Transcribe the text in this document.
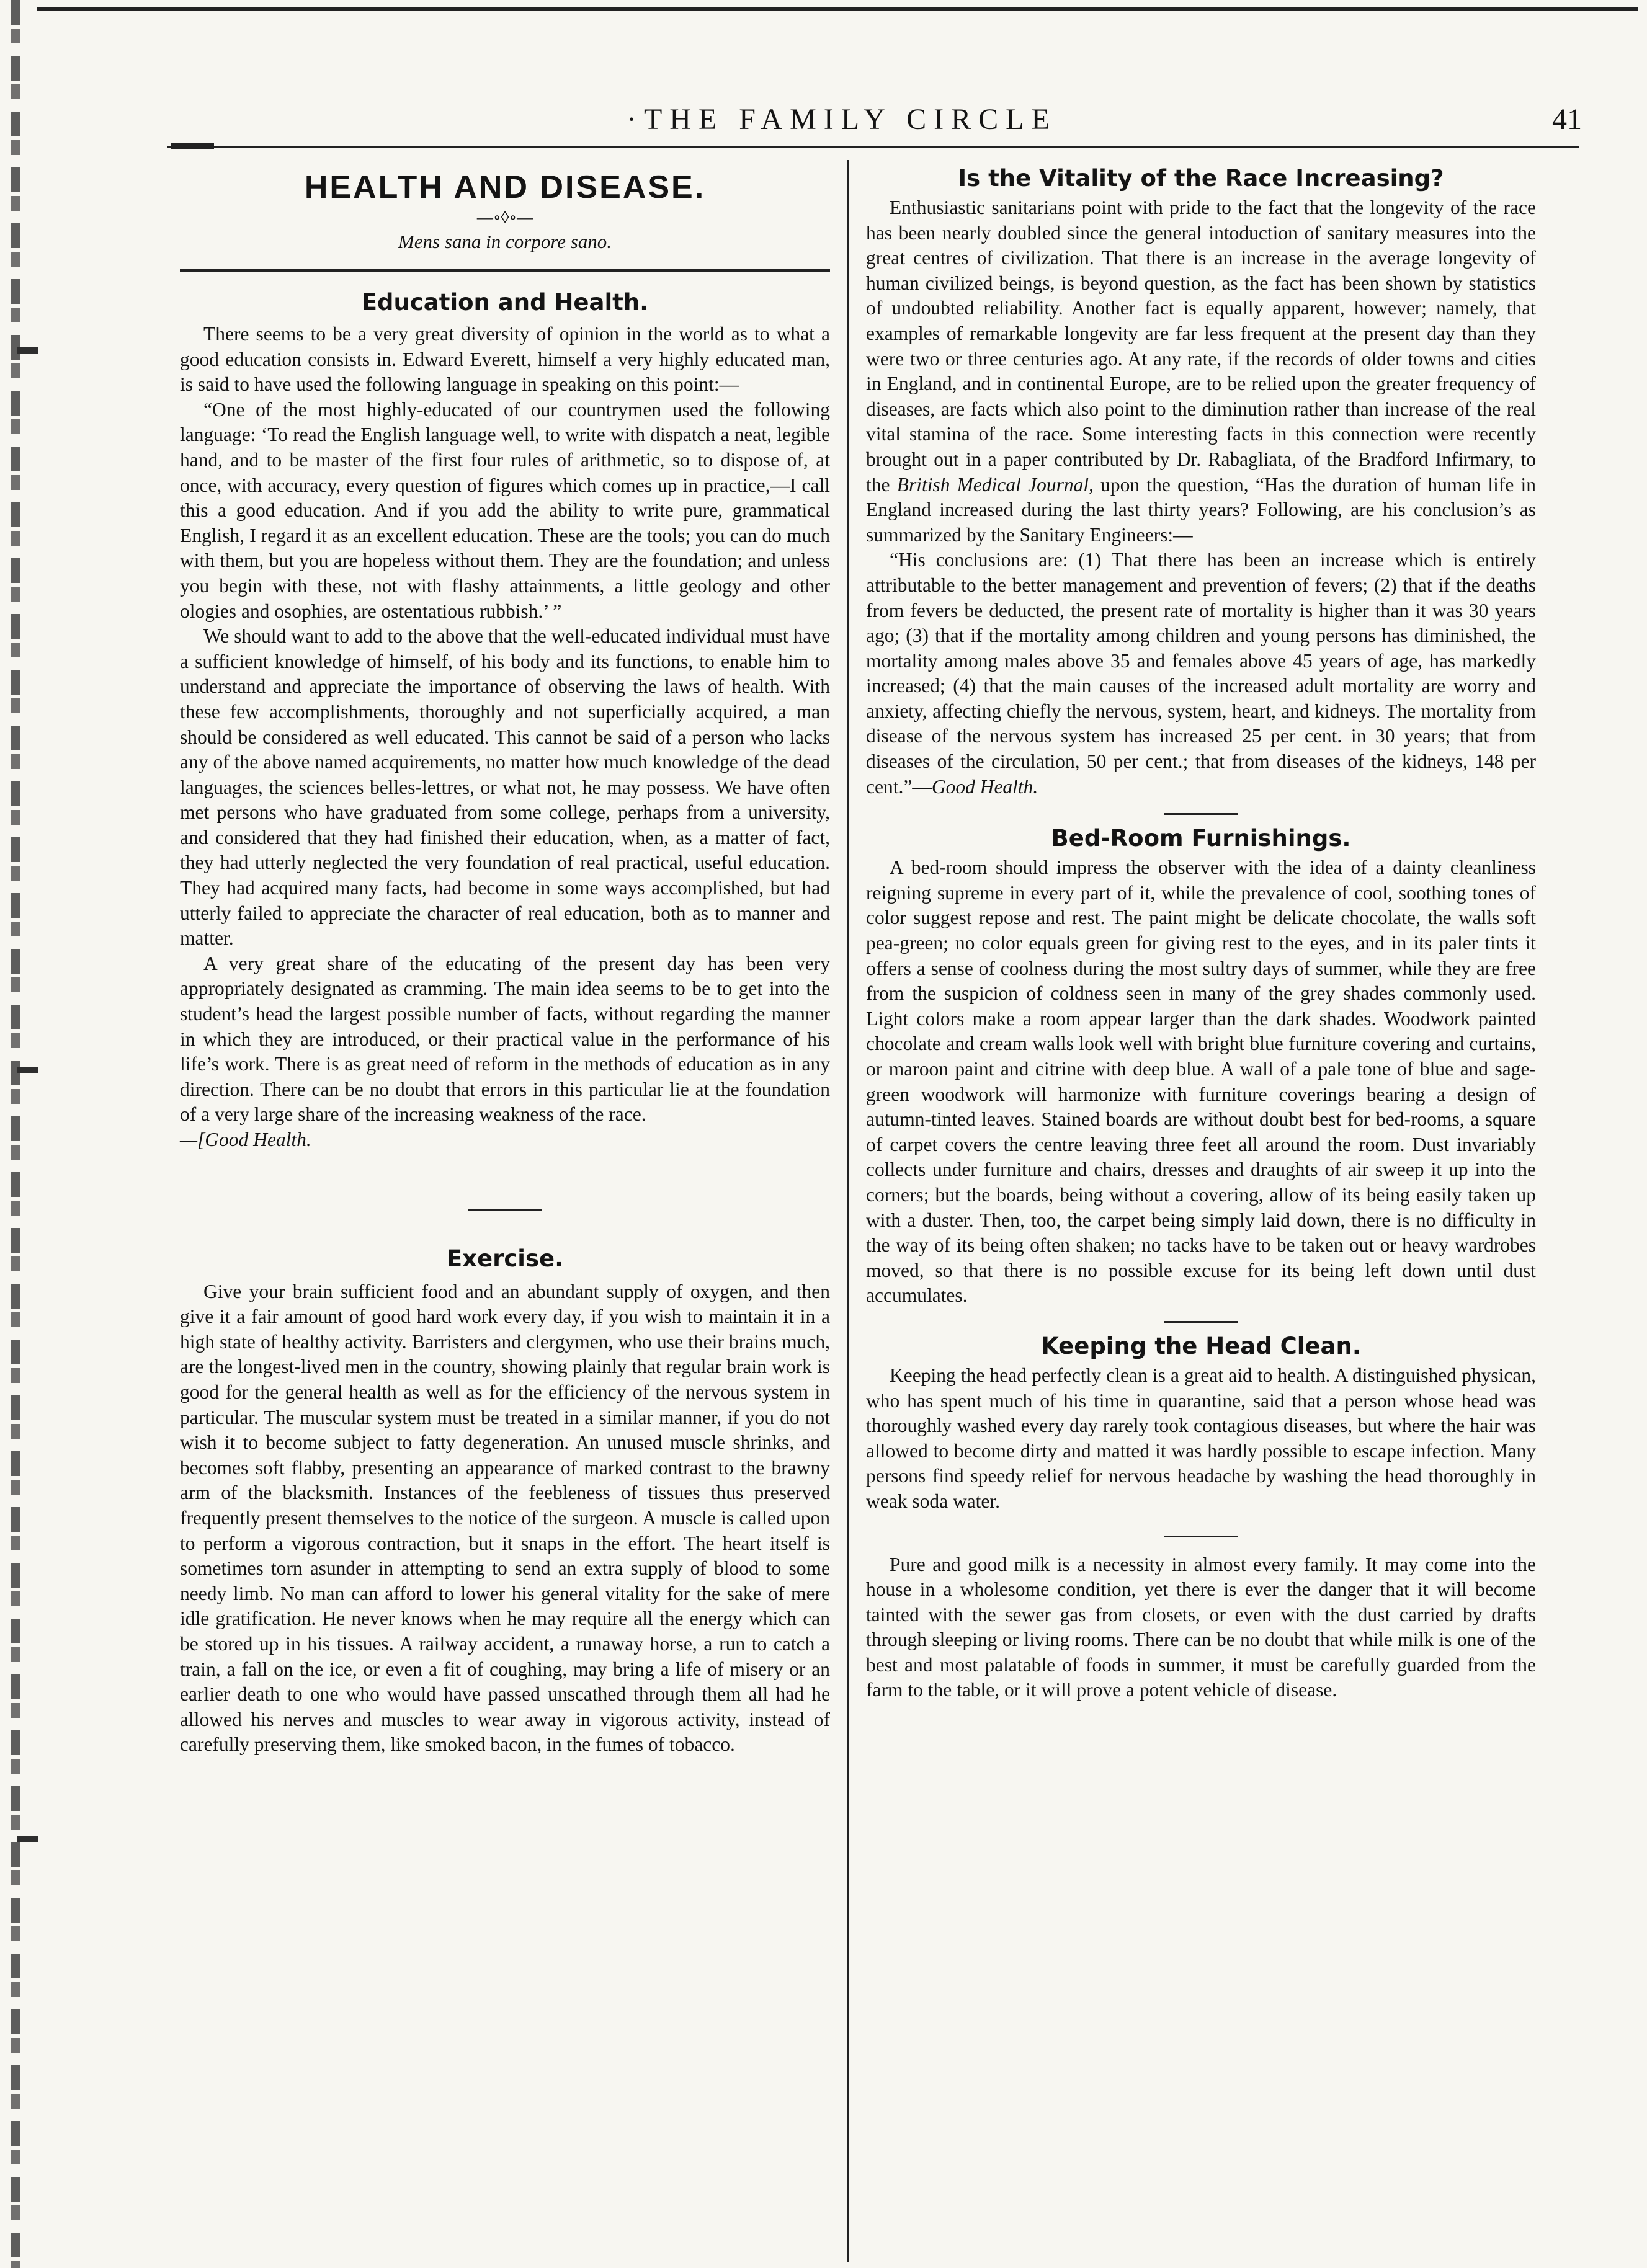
·THE FAMILY CIRCLE	41
HEALTH AND DISEASE.
—∘◊∘—
Mens sana in corpore sano.
Education and Health.

There seems to be a very great diversity of opinion in the world as to what a good education consists in. Edward Everett, himself a very highly educated man, is said to have used the following language in speaking on this point:—

“One of the most highly-educated of our countrymen used the following language: ‘To read the English language well, to write with dispatch a neat, legible hand, and to be master of the first four rules of arithmetic, so to dispose of, at once, with accuracy, every question of figures which comes up in practice,—I call this a good education. And if you add the ability to write pure, grammatical English, I regard it as an excellent education. These are the tools; you can do much with them, but you are hopeless without them. They are the foundation; and unless you begin with these, not with flashy attainments, a little geology and other ologies and osophies, are ostentatious rubbish.’ ”

We should want to add to the above that the well-educated individual must have a sufficient knowledge of himself, of his body and its functions, to enable him to understand and appreciate the importance of observing the laws of health. With these few accomplishments, thoroughly and not superficially acquired, a man should be considered as well educated. This cannot be said of a person who lacks any of the above named acquirements, no matter how much knowledge of the dead languages, the sciences belles-lettres, or what not, he may possess. We have often met persons who have graduated from some college, perhaps from a university, and considered that they had finished their education, when, as a matter of fact, they had utterly neglected the very foundation of real practical, useful education. They had acquired many facts, had become in some ways accomplished, but had utterly failed to appreciate the character of real education, both as to manner and matter.

A very great share of the educating of the present day has been very appropriately designated as cramming. The main idea seems to be to get into the student’s head the largest possible number of facts, without regarding the manner in which they are introduced, or their practical value in the performance of his life’s work. There is as great need of reform in the methods of education as in any direction. There can be no doubt that errors in this particular lie at the foundation of a very large share of the increasing weakness of the race.

—[Good Health.

Exercise.

Give your brain sufficient food and an abundant supply of oxygen, and then give it a fair amount of good hard work every day, if you wish to maintain it in a high state of healthy activity. Barristers and clergymen, who use their brains much, are the longest-lived men in the country, showing plainly that regular brain work is good for the general health as well as for the efficiency of the nervous system in particular. The muscular system must be treated in a similar manner, if you do not wish it to become subject to fatty degeneration. An unused muscle shrinks, and becomes soft flabby, presenting an appearance of marked contrast to the brawny arm of the blacksmith. Instances of the feebleness of tissues thus preserved frequently present themselves to the notice of the surgeon. A muscle is called upon to perform a vigorous contraction, but it snaps in the effort. The heart itself is sometimes torn asunder in attempting to send an extra supply of blood to some needy limb. No man can afford to lower his general vitality for the sake of mere idle gratification. He never knows when he may require all the energy which can be stored up in his tissues. A railway accident, a runaway horse, a run to catch a train, a fall on the ice, or even a fit of coughing, may bring a life of misery or an earlier death to one who would have passed unscathed through them all had he allowed his nerves and muscles to wear away in vigorous activity, instead of carefully preserving them, like smoked bacon, in the fumes of tobacco.

Is the Vitality of the Race Increasing?

Enthusiastic sanitarians point with pride to the fact that the longevity of the race has been nearly doubled since the general intoduction of sanitary measures into the great centres of civilization. That there is an increase in the average longevity of human civilized beings, is beyond question, as the fact has been shown by statistics of undoubted reliability. Another fact is equally apparent, however; namely, that examples of remarkable longevity are far less frequent at the present day than they were two or three centuries ago. At any rate, if the records of older towns and cities in England, and in continental Europe, are to be relied upon the greater frequency of diseases, are facts which also point to the diminution rather than increase of the real vital stamina of the race. Some interesting facts in this connection were recently brought out in a paper contributed by Dr. Rabagliata, of the Bradford Infirmary, to the British Medical Journal, upon the question, “Has the duration of human life in England increased during the last thirty years? Following, are his conclusion’s as summarized by the Sanitary Engineers:—

“His conclusions are: (1) That there has been an increase which is entirely attributable to the better management and prevention of fevers; (2) that if the deaths from fevers be deducted, the present rate of mortality is higher than it was 30 years ago; (3) that if the mortality among children and young persons has diminished, the mortality among males above 35 and females above 45 years of age, has markedly increased; (4) that the main causes of the increased adult mortality are worry and anxiety, affecting chiefly the nervous, system, heart, and kidneys. The mortality from disease of the nervous system has increased 25 per cent. in 30 years; that from diseases of the circulation, 50 per cent.; that from diseases of the kidneys, 148 per cent.”—Good Health.

Bed-Room Furnishings.

A bed-room should impress the observer with the idea of a dainty cleanliness reigning supreme in every part of it, while the prevalence of cool, soothing tones of color suggest repose and rest. The paint might be delicate chocolate, the walls soft pea-green; no color equals green for giving rest to the eyes, and in its paler tints it offers a sense of coolness during the most sultry days of summer, while they are free from the suspicion of coldness seen in many of the grey shades commonly used. Light colors make a room appear larger than the dark shades. Woodwork painted chocolate and cream walls look well with bright blue furniture covering and curtains, or maroon paint and citrine with deep blue. A wall of a pale tone of blue and sage-green woodwork will harmonize with furniture coverings bearing a design of autumn-tinted leaves. Stained boards are without doubt best for bed-rooms, a square of carpet covers the centre leaving three feet all around the room. Dust invariably collects under furniture and chairs, dresses and draughts of air sweep it up into the corners; but the boards, being without a covering, allow of its being easily taken up with a duster. Then, too, the carpet being simply laid down, there is no difficulty in the way of its being often shaken; no tacks have to be taken out or heavy wardrobes moved, so that there is no possible excuse for its being left down until dust accumulates.

Keeping the Head Clean.

Keeping the head perfectly clean is a great aid to health. A distinguished physican, who has spent much of his time in quarantine, said that a person whose head was thoroughly washed every day rarely took contagious diseases, but where the hair was allowed to become dirty and matted it was hardly possible to escape infection. Many persons find speedy relief for nervous headache by washing the head thoroughly in weak soda water.

Pure and good milk is a necessity in almost every family. It may come into the house in a wholesome condition, yet there is ever the danger that it will become tainted with the sewer gas from closets, or even with the dust carried by drafts through sleeping or living rooms. There can be no doubt that while milk is one of the best and most palatable of foods in summer, it must be carefully guarded from the farm to the table, or it will prove a potent vehicle of disease.
